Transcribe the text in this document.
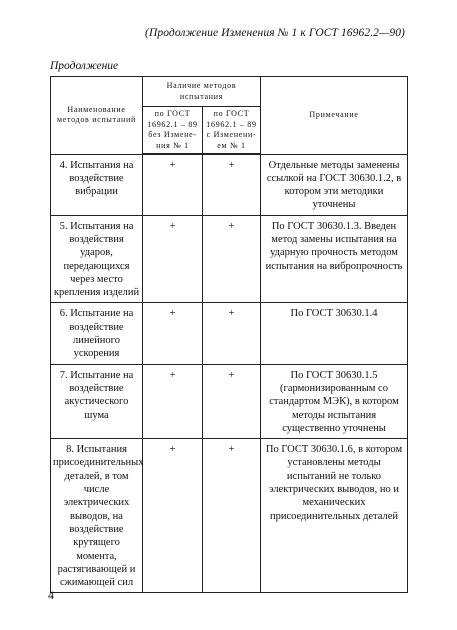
(Продолжение Изменения № 1 к ГОСТ 16962.2—90)
Продолжение
Наименование методов испытаний	Наличие методов испытания		Примечание
	по ГОСТ 16962.1 – 89 без Измене-ния № 1	по ГОСТ 16962.1 – 89 с Изменени-ем № 1	
4. Испытания на воздействие вибрации	+	+	Отдельные методы заменены ссылкой на ГОСТ 30630.1.2, в котором эти методики уточнены
5. Испытания на воздействия ударов, передающихся через место крепления изделий	+	+	По ГОСТ 30630.1.3. Введен метод замены испытания на ударную прочность методом испытания на вибропрочность
6. Испытание на воздействие линейного ускорения	+	+	По ГОСТ 30630.1.4
7. Испытание на воздействие акустического шума	+	+	По ГОСТ 30630.1.5 (гармонизированным со стандартом МЭК), в котором методы испытания существенно уточнены
8. Испытания присоединительных деталей, в том числе электрических выводов, на воздействие крутящего момента, растягивающей и сжимающей сил	+	+	По ГОСТ 30630.1.6, в котором установлены методы испытаний не только электрических выводов, но и механических присоединительных деталей
4
